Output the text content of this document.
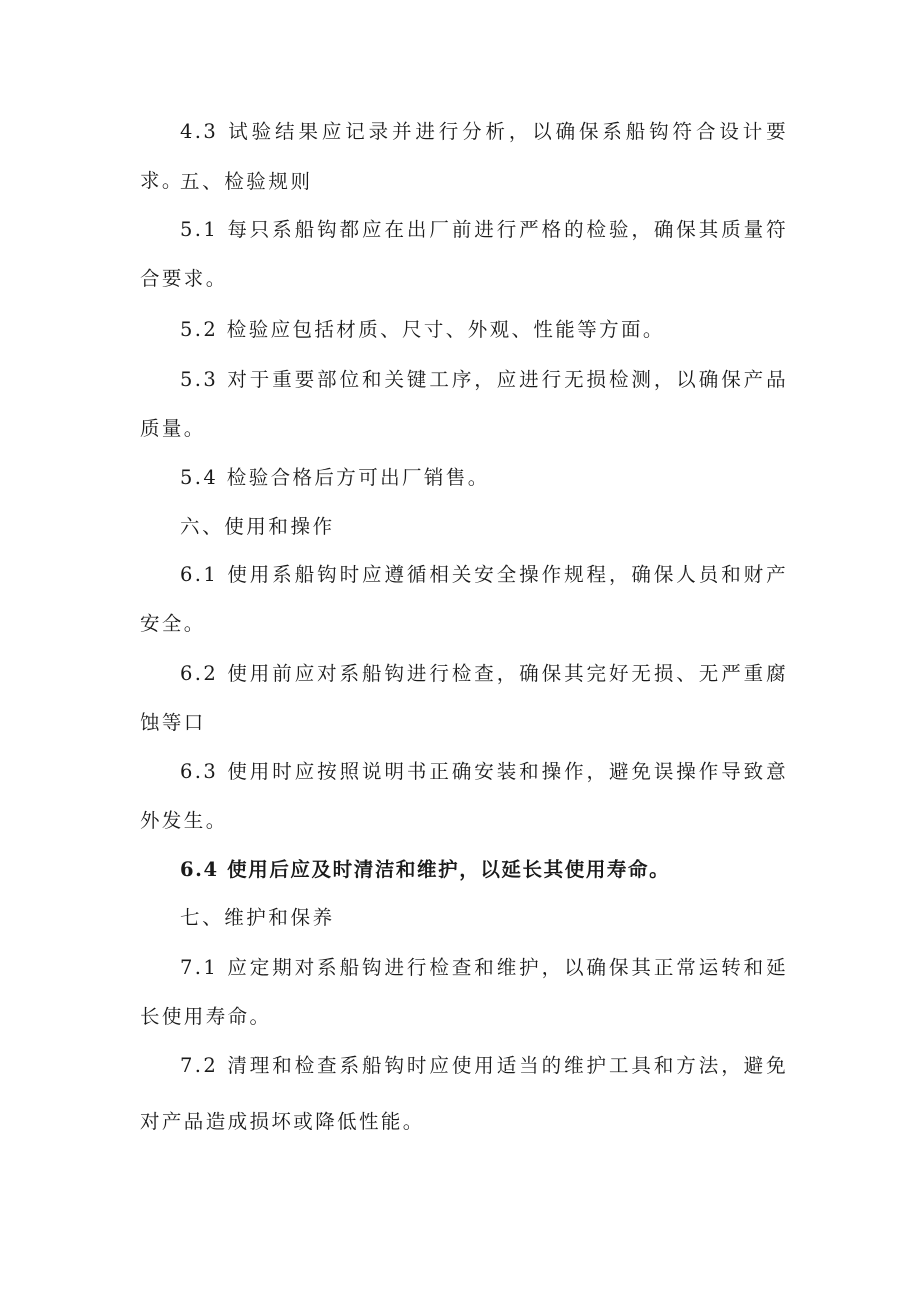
4.3 试验结果应记录并进行分析，以确保系船钩符合设计要求。

五、检验规则

5.1 每只系船钩都应在出厂前进行严格的检验，确保其质量符合要求。

5.2 检验应包括材质、尺寸、外观、性能等方面。

5.3 对于重要部位和关键工序，应进行无损检测，以确保产品质量。

5.4 检验合格后方可出厂销售。

六、使用和操作

6.1 使用系船钩时应遵循相关安全操作规程，确保人员和财产安全。

6.2 使用前应对系船钩进行检查，确保其完好无损、无严重腐蚀等口

6.3 使用时应按照说明书正确安装和操作，避免误操作导致意外发生。

6.4 使用后应及时清洁和维护，以延长其使用寿命。

七、维护和保养

7.1 应定期对系船钩进行检查和维护，以确保其正常运转和延长使用寿命。

7.2 清理和检查系船钩时应使用适当的维护工具和方法，避免对产品造成损坏或降低性能。
